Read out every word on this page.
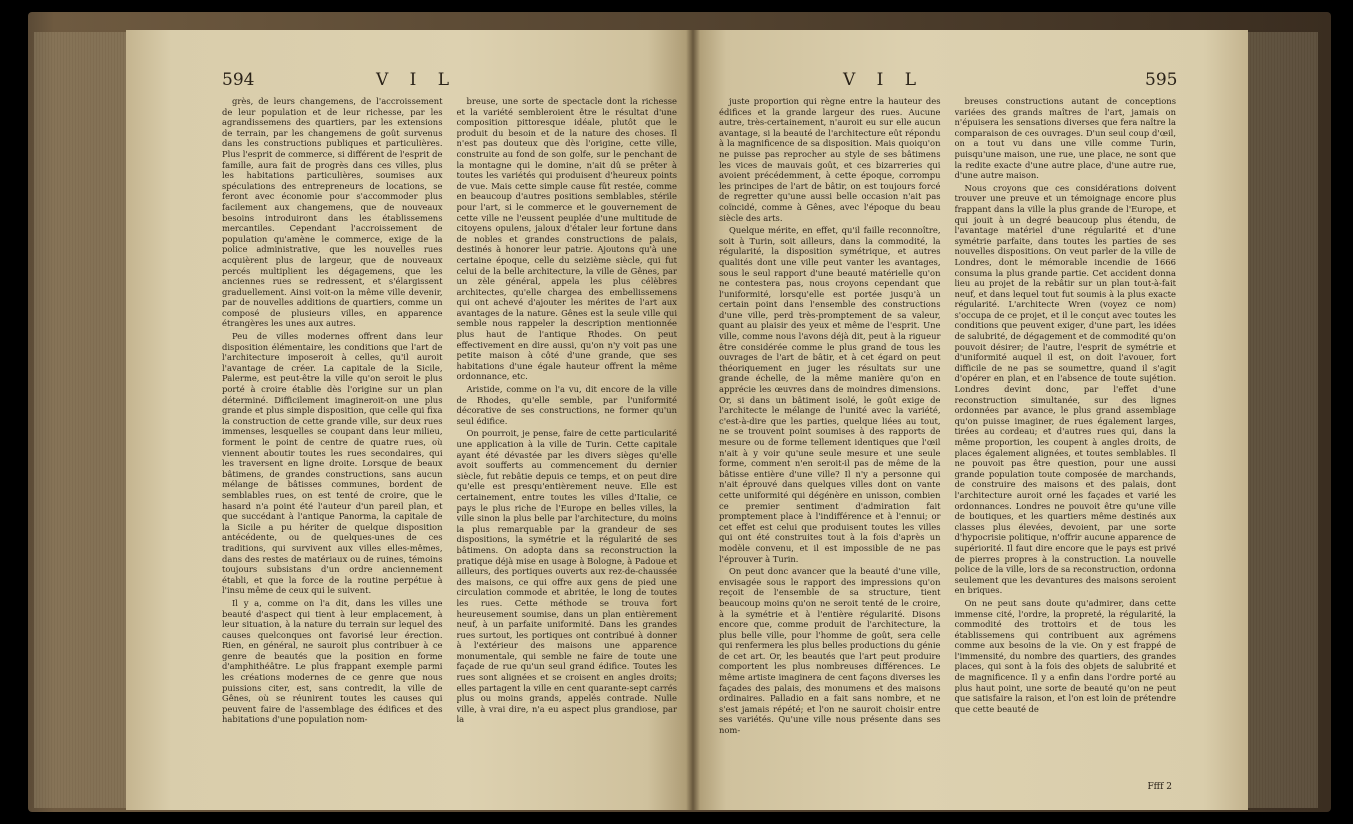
594	V I L

grès, de leurs changemens, de l'accroissement de leur population et de leur richesse, par les agrandissemens des quartiers, par les extensions de terrain, par les changemens de goût survenus dans les constructions publiques et particulières. Plus l'esprit de commerce, si différent de l'esprit de famille, aura fait de progrès dans ces villes, plus les habitations particulières, soumises aux spéculations des entrepreneurs de locations, se feront avec économie pour s'accommoder plus facilement aux changemens, que de nouveaux besoins introduiront dans les établissemens mercantiles. Cependant l'accroissement de population qu'amène le commerce, exige de la police administrative, que les nouvelles rues acquièrent plus de largeur, que de nouveaux percés multiplient les dégagemens, que les anciennes rues se redressent, et s'élargissent graduellement. Ainsi voit-on la même ville devenir, par de nouvelles additions de quartiers, comme un composé de plusieurs villes, en apparence étrangères les unes aux autres.

Peu de villes modernes offrent dans leur disposition élémentaire, les conditions que l'art de l'architecture imposeroit à celles, qu'il auroit l'avantage de créer. La capitale de la Sicile, Palerme, est peut-être la ville qu'on seroit le plus porté à croire établie dès l'origine sur un plan déterminé. Difficilement imagineroit-on une plus grande et plus simple disposition, que celle qui fixa la construction de cette grande ville, sur deux rues immenses, lesquelles se coupant dans leur milieu, forment le point de centre de quatre rues, où viennent aboutir toutes les rues secondaires, qui les traversent en ligne droite. Lorsque de beaux bâtimens, de grandes constructions, sans aucun mélange de bâtisses communes, bordent de semblables rues, on est tenté de croire, que le hasard n'a point été l'auteur d'un pareil plan, et que succédant à l'antique Panorma, la capitale de la Sicile a pu hériter de quelque disposition antécédente, ou de quelques-unes de ces traditions, qui survivent aux villes elles-mêmes, dans des restes de matériaux ou de ruines, témoins toujours subsistans d'un ordre anciennement établi, et que la force de la routine perpétue à l'insu même de ceux qui le suivent.

Il y a, comme on l'a dit, dans les villes une beauté d'aspect qui tient à leur emplacement, à leur situation, à la nature du terrain sur lequel des causes quelconques ont favorisé leur érection. Rien, en général, ne sauroit plus contribuer à ce genre de beautés que la position en forme d'amphithéâtre. Le plus frappant exemple parmi les créations modernes de ce genre que nous puissions citer, est, sans contredit, la ville de Gênes, où se réunirent toutes les causes qui peuvent faire de l'assemblage des édifices et des habitations d'une population nom-

breuse, une sorte de spectacle dont la richesse et la variété sembleroient être le résultat d'une composition pittoresque idéale, plutôt que le produit du besoin et de la nature des choses. Il n'est pas douteux que dès l'origine, cette ville, construite au fond de son golfe, sur le penchant de la montagne qui le domine, n'ait dû se prêter à toutes les variétés qui produisent d'heureux points de vue. Mais cette simple cause fût restée, comme en beaucoup d'autres positions semblables, stérile pour l'art, si le commerce et le gouvernement de cette ville ne l'eussent peuplée d'une multitude de citoyens opulens, jaloux d'étaler leur fortune dans de nobles et grandes constructions de palais, destinés à honorer leur patrie. Ajoutons qu'à une certaine époque, celle du seizième siècle, qui fut celui de la belle architecture, la ville de Gênes, par un zèle général, appela les plus célèbres architectes, qu'elle chargea des embellissemens qui ont achevé d'ajouter les mérites de l'art aux avantages de la nature. Gênes est la seule ville qui semble nous rappeler la description mentionnée plus haut de l'antique Rhodes. On peut effectivement en dire aussi, qu'on n'y voit pas une petite maison à côté d'une grande, que ses habitations d'une égale hauteur offrent la même ordonnance, etc.

Aristide, comme on l'a vu, dit encore de la ville de Rhodes, qu'elle semble, par l'uniformité décorative de ses constructions, ne former qu'un seul édifice.

On pourroit, je pense, faire de cette particularité une application à la ville de Turin. Cette capitale ayant été dévastée par les divers sièges qu'elle avoit soufferts au commencement du dernier siècle, fut rebâtie depuis ce temps, et on peut dire qu'elle est presqu'entièrement neuve. Elle est certainement, entre toutes les villes d'Italie, ce pays le plus riche de l'Europe en belles villes, la ville sinon la plus belle par l'architecture, du moins la plus remarquable par la grandeur de ses dispositions, la symétrie et la régularité de ses bâtimens. On adopta dans sa reconstruction la pratique déjà mise en usage à Bologne, à Padoue et ailleurs, des portiques ouverts aux rez-de-chaussée des maisons, ce qui offre aux gens de pied une circulation commode et abritée, le long de toutes les rues. Cette méthode se trouva fort heureusement soumise, dans un plan entièrement neuf, à un parfaite uniformité. Dans les grandes rues surtout, les portiques ont contribué à donner à l'extérieur des maisons une apparence monumentale, qui semble ne faire de toute une façade de rue qu'un seul grand édifice. Toutes les rues sont alignées et se croisent en angles droits; elles partagent la ville en cent quarante-sept carrés plus ou moins grands, appelés contrade. Nulle ville, à vrai dire, n'a eu aspect plus grandiose, par la

V I L	595

juste proportion qui règne entre la hauteur des édifices et la grande largeur des rues. Aucune autre, très-certainement, n'auroit eu sur elle aucun avantage, si la beauté de l'architecture eût répondu à la magnificence de sa disposition. Mais quoiqu'on ne puisse pas reprocher au style de ses bâtimens les vices de mauvais goût, et ces bizarreries qui avoient précédemment, à cette époque, corrompu les principes de l'art de bâtir, on est toujours forcé de regretter qu'une aussi belle occasion n'ait pas coïncidé, comme à Gênes, avec l'époque du beau siècle des arts.

Quelque mérite, en effet, qu'il faille reconnoître, soit à Turin, soit ailleurs, dans la commodité, la régularité, la disposition symétrique, et autres qualités dont une ville peut vanter les avantages, sous le seul rapport d'une beauté matérielle qu'on ne contestera pas, nous croyons cependant que l'uniformité, lorsqu'elle est portée jusqu'à un certain point dans l'ensemble des constructions d'une ville, perd très-promptement de sa valeur, quant au plaisir des yeux et même de l'esprit. Une ville, comme nous l'avons déjà dit, peut à la rigueur être considérée comme le plus grand de tous les ouvrages de l'art de bâtir, et à cet égard on peut théoriquement en juger les résultats sur une grande échelle, de la même manière qu'on en apprécie les œuvres dans de moindres dimensions. Or, si dans un bâtiment isolé, le goût exige de l'architecte le mélange de l'unité avec la variété, c'est-à-dire que les parties, quelque liées au tout, ne se trouvent point soumises à des rapports de mesure ou de forme tellement identiques que l'œil n'ait à y voir qu'une seule mesure et une seule forme, comment n'en seroit-il pas de même de la bâtisse entière d'une ville? Il n'y a personne qui n'ait éprouvé dans quelques villes dont on vante cette uniformité qui dégénère en unisson, combien ce premier sentiment d'admiration fait promptement place à l'indifférence et à l'ennui; or cet effet est celui que produisent toutes les villes qui ont été construites tout à la fois d'après un modèle convenu, et il est impossible de ne pas l'éprouver à Turin.

On peut donc avancer que la beauté d'une ville, envisagée sous le rapport des impressions qu'on reçoit de l'ensemble de sa structure, tient beaucoup moins qu'on ne seroit tenté de le croire, à la symétrie et à l'entière régularité. Disons encore que, comme produit de l'architecture, la plus belle ville, pour l'homme de goût, sera celle qui renfermera les plus belles productions du génie de cet art. Or, les beautés que l'art peut produire comportent les plus nombreuses différences. Le même artiste imaginera de cent façons diverses les façades des palais, des monumens et des maisons ordinaires. Palladio en a fait sans nombre, et ne s'est jamais répété; et l'on ne sauroit choisir entre ses variétés. Qu'une ville nous présente dans ses nom-

breuses constructions autant de conceptions variées des grands maîtres de l'art, jamais on n'épuisera les sensations diverses que fera naître la comparaison de ces ouvrages. D'un seul coup d'œil, on a tout vu dans une ville comme Turin, puisqu'une maison, une rue, une place, ne sont que la redite exacte d'une autre place, d'une autre rue, d'une autre maison.

Nous croyons que ces considérations doivent trouver une preuve et un témoignage encore plus frappant dans la ville la plus grande de l'Europe, et qui jouit à un degré beaucoup plus étendu, de l'avantage matériel d'une régularité et d'une symétrie parfaite, dans toutes les parties de ses nouvelles dispositions. On veut parler de la ville de Londres, dont le mémorable incendie de 1666 consuma la plus grande partie. Cet accident donna lieu au projet de la rebâtir sur un plan tout-à-fait neuf, et dans lequel tout fut soumis à la plus exacte régularité. L'architecte Wren (voyez ce nom) s'occupa de ce projet, et il le conçut avec toutes les conditions que peuvent exiger, d'une part, les idées de salubrité, de dégagement et de commodité qu'on pouvoit désirer; de l'autre, l'esprit de symétrie et d'uniformité auquel il est, on doit l'avouer, fort difficile de ne pas se soumettre, quand il s'agit d'opérer en plan, et en l'absence de toute sujétion. Londres devint donc, par l'effet d'une reconstruction simultanée, sur des lignes ordonnées par avance, le plus grand assemblage qu'on puisse imaginer, de rues également larges, tirées au cordeau; et d'autres rues qui, dans la même proportion, les coupent à angles droits, de places également alignées, et toutes semblables. Il ne pouvoit pas être question, pour une aussi grande population toute composée de marchands, de construire des maisons et des palais, dont l'architecture auroit orné les façades et varié les ordonnances. Londres ne pouvoit être qu'une ville de boutiques, et les quartiers même destinés aux classes plus élevées, devoient, par une sorte d'hypocrisie politique, n'offrir aucune apparence de supériorité. Il faut dire encore que le pays est privé de pierres propres à la construction. La nouvelle police de la ville, lors de sa reconstruction, ordonna seulement que les devantures des maisons seroient en briques.

On ne peut sans doute qu'admirer, dans cette immense cité, l'ordre, la propreté, la régularité, la commodité des trottoirs et de tous les établissemens qui contribuent aux agrémens comme aux besoins de la vie. On y est frappé de l'immensité, du nombre des quartiers, des grandes places, qui sont à la fois des objets de salubrité et de magnificence. Il y a enfin dans l'ordre porté au plus haut point, une sorte de beauté qu'on ne peut que satisfaire la raison, et l'on est loin de prétendre que cette beauté de

Ffff 2
